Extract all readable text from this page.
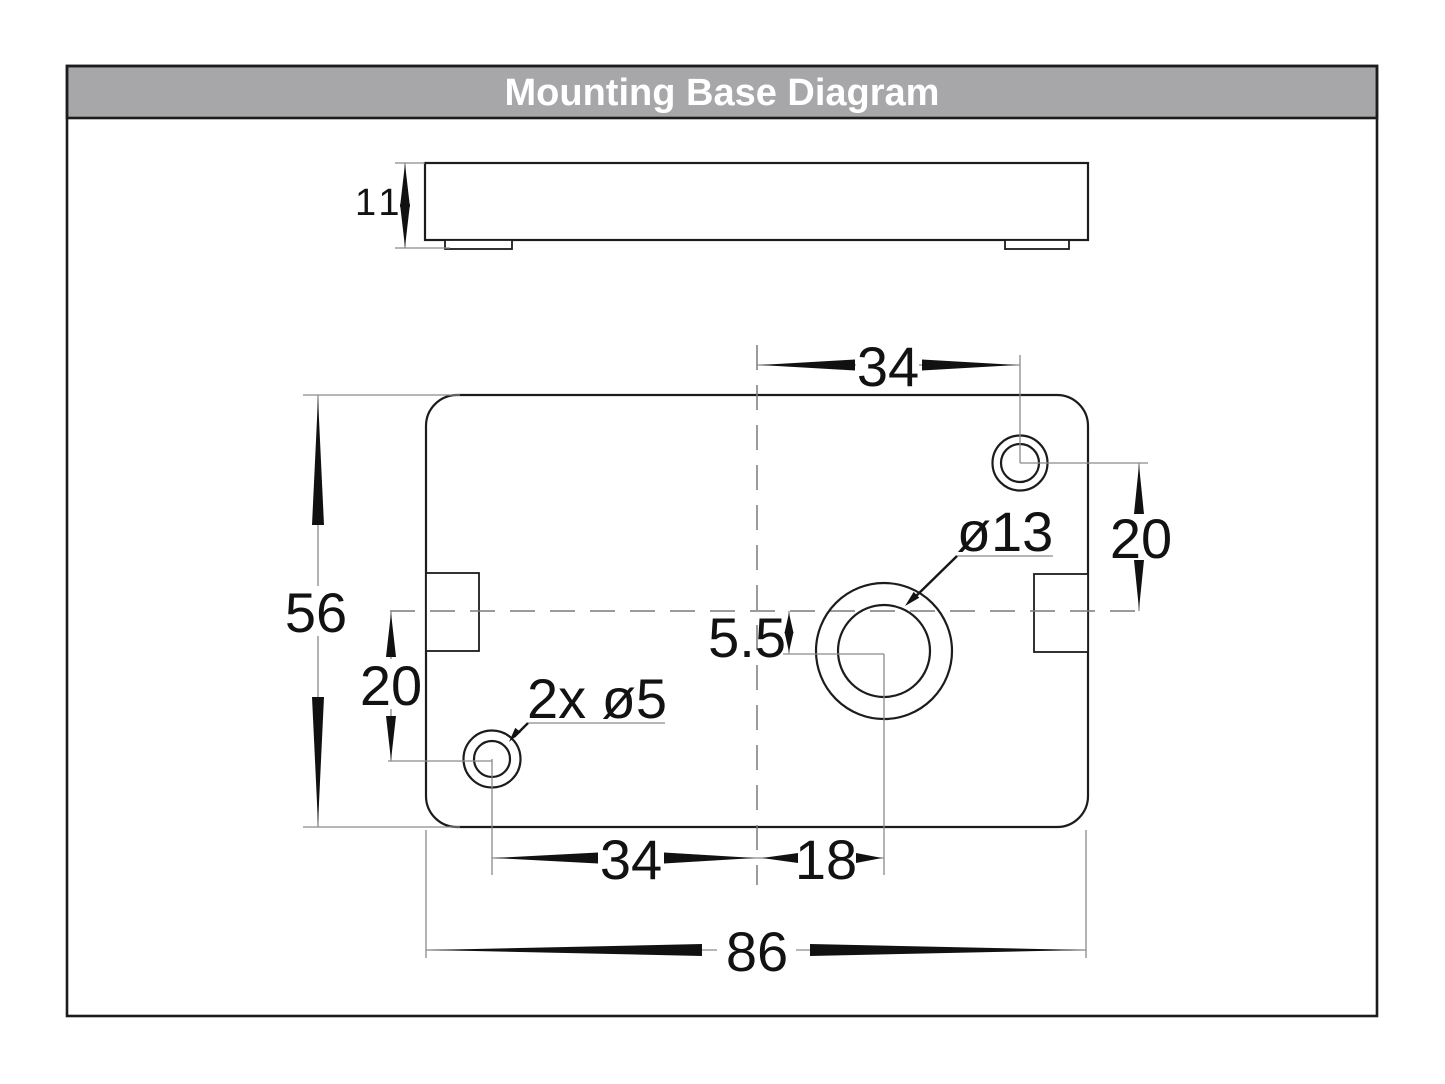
Mounting Base Diagram
11
34
20
56
20
5.5
2x ø5
ø13
34 18
86
